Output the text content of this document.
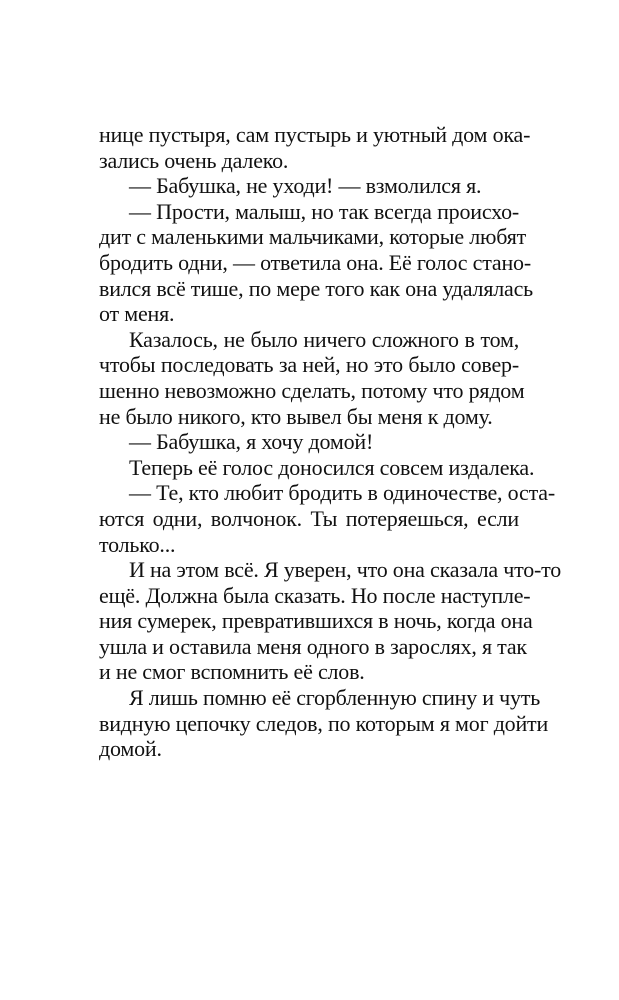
нице пустыря, сам пустырь и уютный дом ока-
зались очень далеко.
— Бабушка, не уходи! — взмолился я.
— Прости, малыш, но так всегда происхо-
дит с маленькими мальчиками, которые любят
бродить одни, — ответила она. Её голос стано-
вился всё тише, по мере того как она удалялась
от меня.
Казалось, не было ничего сложного в том,
чтобы последовать за ней, но это было совер-
шенно невозможно сделать, потому что рядом
не было никого, кто вывел бы меня к дому.
— Бабушка, я хочу домой!
Теперь её голос доносился совсем издалека.
— Те, кто любит бродить в одиночестве, оста-
ются одни, волчонок. Ты потеряешься, если
только...
И на этом всё. Я уверен, что она сказала что-то
ещё. Должна была сказать. Но после наступле-
ния сумерек, превратившихся в ночь, когда она
ушла и оставила меня одного в зарослях, я так
и не смог вспомнить её слов.
Я лишь помню её сгорбленную спину и чуть
видную цепочку следов, по которым я мог дойти
домой.
